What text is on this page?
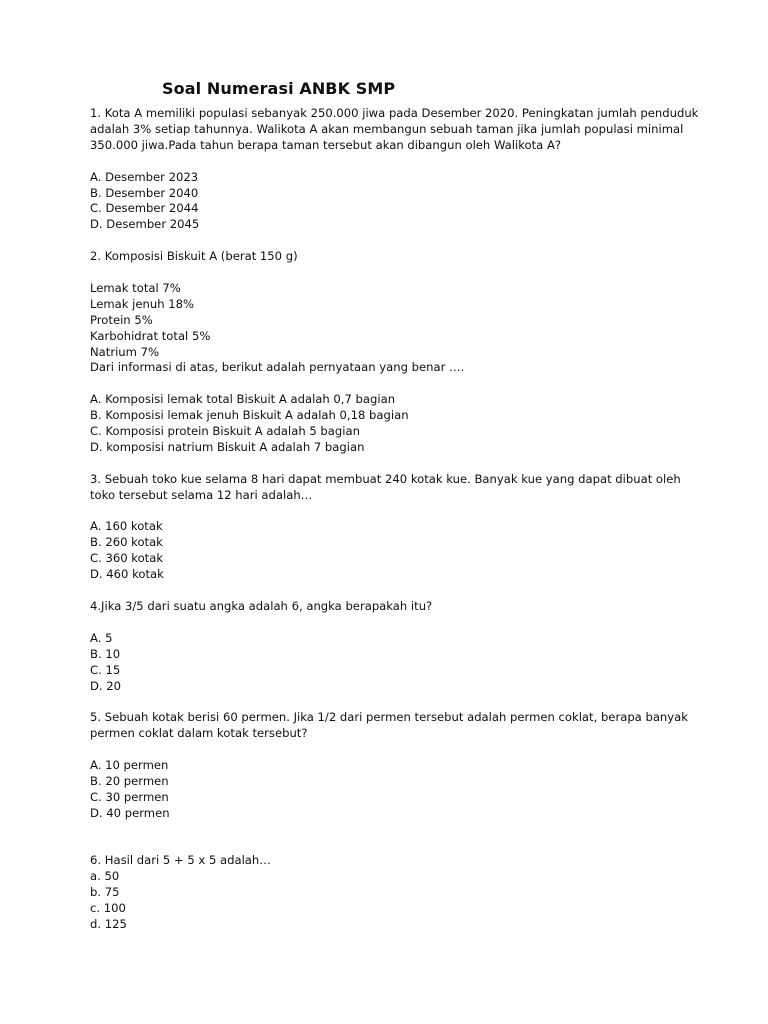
Soal Numerasi ANBK SMP

1. Kota A memiliki populasi sebanyak 250.000 jiwa pada Desember 2020. Peningkatan jumlah penduduk

adalah 3% setiap tahunnya. Walikota A akan membangun sebuah taman jika jumlah populasi minimal

350.000 jiwa.Pada tahun berapa taman tersebut akan dibangun oleh Walikota A?

A. Desember 2023

B. Desember 2040

C. Desember 2044

D. Desember 2045

2. Komposisi Biskuit A (berat 150 g)

Lemak total 7%

Lemak jenuh 18%

Protein 5%

Karbohidrat total 5%

Natrium 7%

Dari informasi di atas, berikut adalah pernyataan yang benar ….

A. Komposisi lemak total Biskuit A adalah 0,7 bagian

B. Komposisi lemak jenuh Biskuit A adalah 0,18 bagian

C. Komposisi protein Biskuit A adalah 5 bagian

D. komposisi natrium Biskuit A adalah 7 bagian

3. Sebuah toko kue selama 8 hari dapat membuat 240 kotak kue. Banyak kue yang dapat dibuat oleh

toko tersebut selama 12 hari adalah…

A. 160 kotak

B. 260 kotak

C. 360 kotak

D. 460 kotak

4.Jika 3/5 dari suatu angka adalah 6, angka berapakah itu?

A. 5

B. 10

C. 15

D. 20

5. Sebuah kotak berisi 60 permen. Jika 1/2 dari permen tersebut adalah permen coklat, berapa banyak

permen coklat dalam kotak tersebut?

A. 10 permen

B. 20 permen

C. 30 permen

D. 40 permen

6. Hasil dari 5 + 5 x 5 adalah…

a. 50

b. 75

c. 100

d. 125
